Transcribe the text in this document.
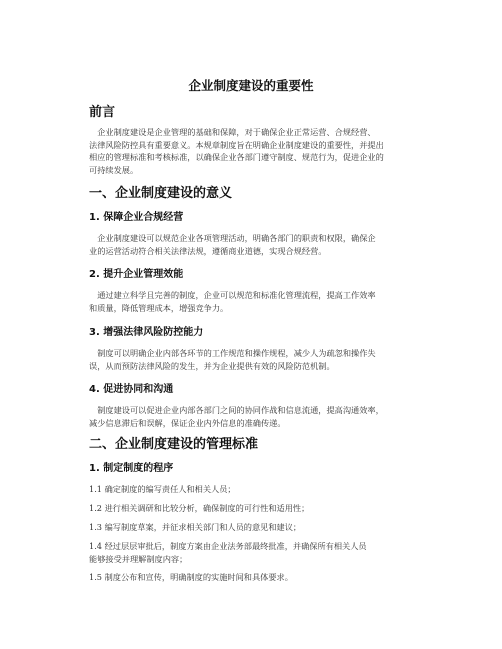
企业制度建设的重要性
前言
　企业制度建设是企业管理的基础和保障，对于确保企业正常运营、合规经营、
法律风险防控具有重要意义。本规章制度旨在明确企业制度建设的重要性，并提出
相应的管理标准和考核标准，以确保企业各部门遵守制度、规范行为，促进企业的
可持续发展。
一、企业制度建设的意义
1. 保障企业合规经营
　企业制度建设可以规范企业各项管理活动，明确各部门的职责和权限，确保企
业的运营活动符合相关法律法规，遵循商业道德，实现合规经营。
2. 提升企业管理效能
　通过建立科学且完善的制度，企业可以规范和标准化管理流程，提高工作效率
和质量，降低管理成本，增强竞争力。
3. 增强法律风险防控能力
　制度可以明确企业内部各环节的工作规范和操作规程，减少人为疏忽和操作失
误，从而预防法律风险的发生，并为企业提供有效的风险防范机制。
4. 促进协同和沟通
　制度建设可以促进企业内部各部门之间的协同作战和信息流通，提高沟通效率，
减少信息滞后和误解，保证企业内外信息的准确传递。
二、企业制度建设的管理标准
1. 制定制度的程序
1.1 确定制度的编写责任人和相关人员；
1.2 进行相关调研和比较分析，确保制度的可行性和适用性；
1.3 编写制度草案，并征求相关部门和人员的意见和建议；
1.4 经过层层审批后，制度方案由企业法务部最终批准，并确保所有相关人员
能够接受并理解制度内容；
1.5 制度公布和宣传，明确制度的实施时间和具体要求。
